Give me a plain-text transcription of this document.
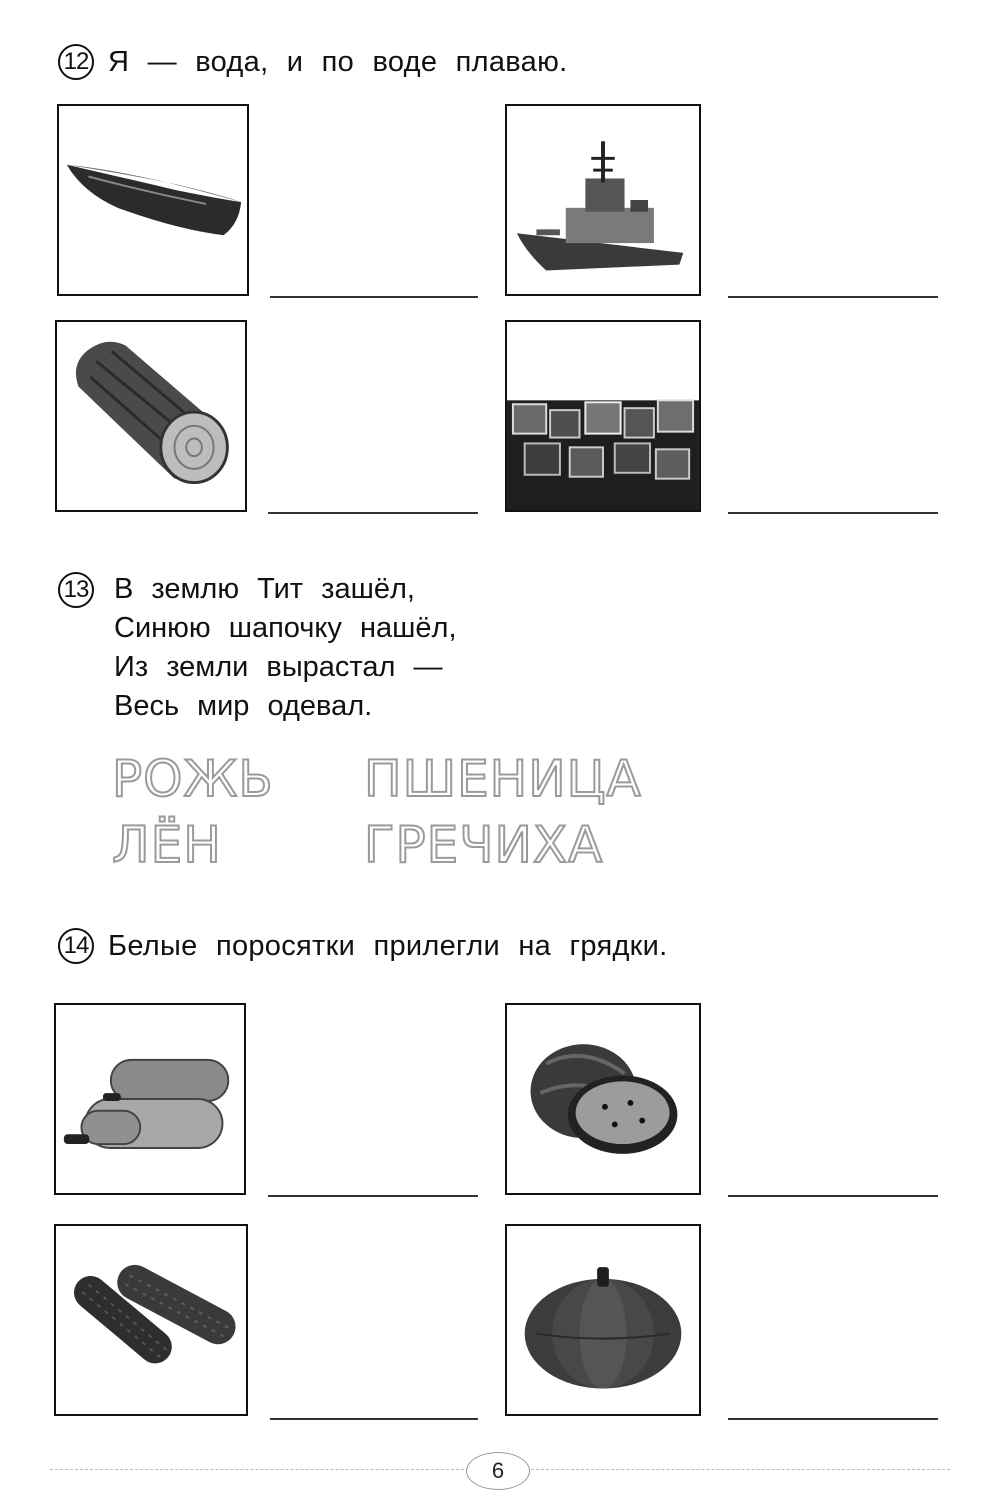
12 Я — вода, и по воде плаваю.
13 В землю Тит зашёл,
Синюю шапочку нашёл,
Из земли вырастал —
Весь мир одевал.
РОЖЬ ПШЕНИЦА
ЛЁН	ГРЕЧИХА
14 Белые поросятки прилегли на грядки.
6
